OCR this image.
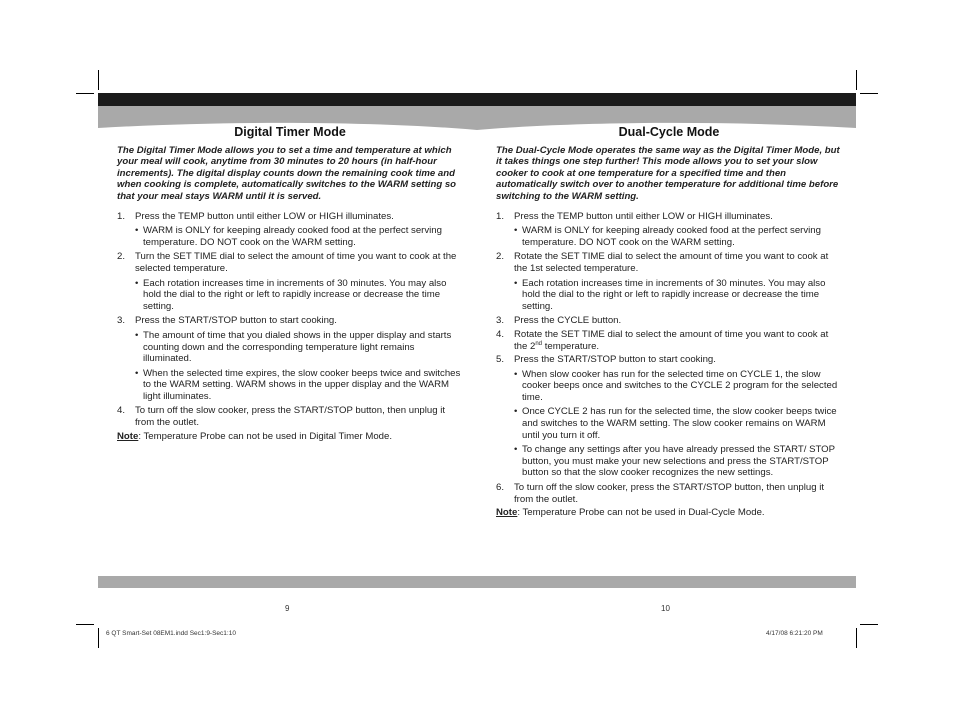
Digital Timer Mode

The Digital Timer Mode allows you to set a time and temperature at which your meal will cook, anytime from 30 minutes to 20 hours (in half-hour increments). The digital display counts down the remaining cook time and when cooking is complete, automatically switches to the WARM setting so that your meal stays WARM until it is served.

1. Press the TEMP button until either LOW or HIGH illuminates.
• WARM is ONLY for keeping already cooked food at the perfect serving temperature. DO NOT cook on the WARM setting.
2. Turn the SET TIME dial to select the amount of time you want to cook at the selected temperature.
• Each rotation increases time in increments of 30 minutes. You may also hold the dial to the right or left to rapidly increase or decrease the time setting.
3. Press the START/STOP button to start cooking.
• The amount of time that you dialed shows in the upper display and starts counting down and the corresponding temperature light remains illuminated.
• When the selected time expires, the slow cooker beeps twice and switches to the WARM setting. WARM shows in the upper display and the WARM light illuminates.
4. To turn off the slow cooker, press the START/STOP button, then unplug it from the outlet.
Note: Temperature Probe can not be used in Digital Timer Mode.
Dual-Cycle Mode

The Dual-Cycle Mode operates the same way as the Digital Timer Mode, but it takes things one step further! This mode allows you to set your slow cooker to cook at one temperature for a specified time and then automatically switch over to another temperature for additional time before switching to the WARM setting.

1. Press the TEMP button until either LOW or HIGH illuminates.
• WARM is ONLY for keeping already cooked food at the perfect serving temperature. DO NOT cook on the WARM setting.
2. Rotate the SET TIME dial to select the amount of time you want to cook at the 1st selected temperature.
• Each rotation increases time in increments of 30 minutes. You may also hold the dial to the right or left to rapidly increase or decrease the time setting.
3. Press the CYCLE button.
4. Rotate the SET TIME dial to select the amount of time you want to cook at the 2nd temperature.
5. Press the START/STOP button to start cooking.
• When slow cooker has run for the selected time on CYCLE 1, the slow cooker beeps once and switches to the CYCLE 2 program for the selected time.
• Once CYCLE 2 has run for the selected time, the slow cooker beeps twice and switches to the WARM setting. The slow cooker remains on WARM until you turn it off.
• To change any settings after you have already pressed the START/ STOP button, you must make your new selections and press the START/STOP button so that the slow cooker recognizes the new settings.
6. To turn off the slow cooker, press the START/STOP button, then unplug it from the outlet.
Note: Temperature Probe can not be used in Dual-Cycle Mode.
9	10
6 QT Smart-Set 08EM1.indd Sec1:9-Sec1:10	4/17/08 6:21:20 PM
